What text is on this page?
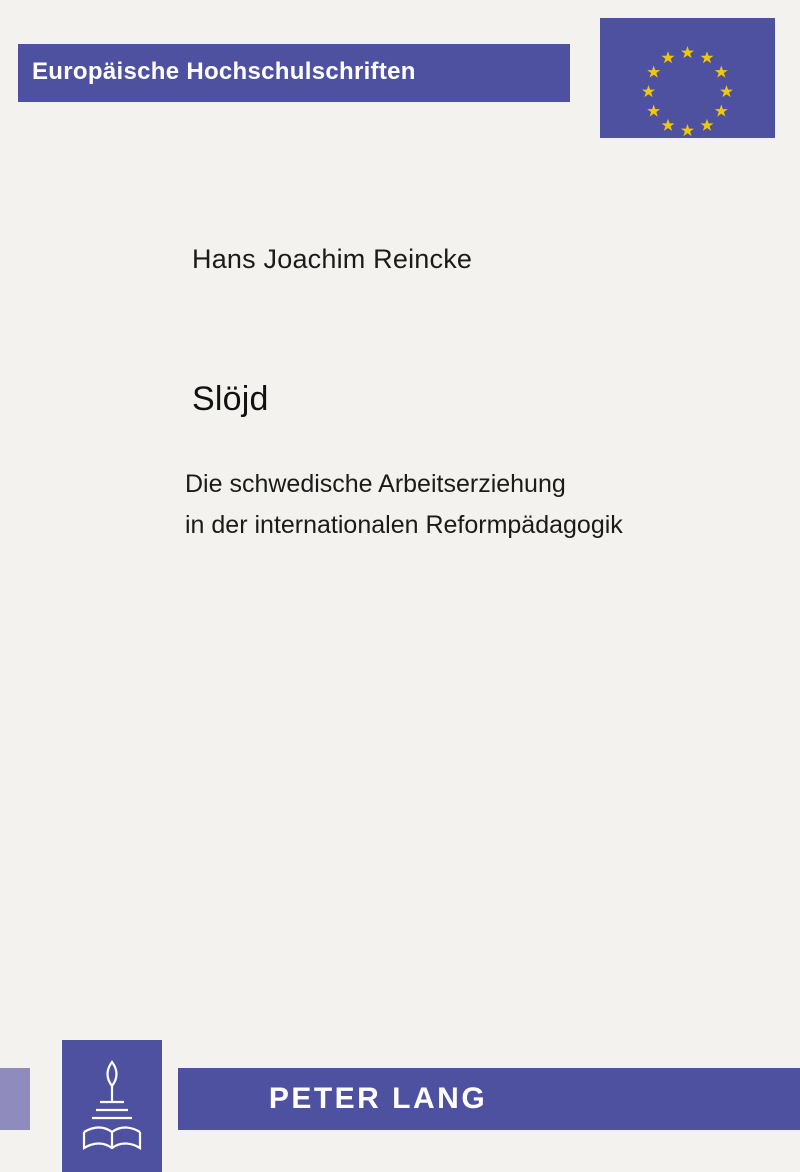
Europäische Hochschulschriften
Hans Joachim Reincke
Slöjd
Die schwedische Arbeitserziehung
in der internationalen Reformpädagogik
PETER LANG
